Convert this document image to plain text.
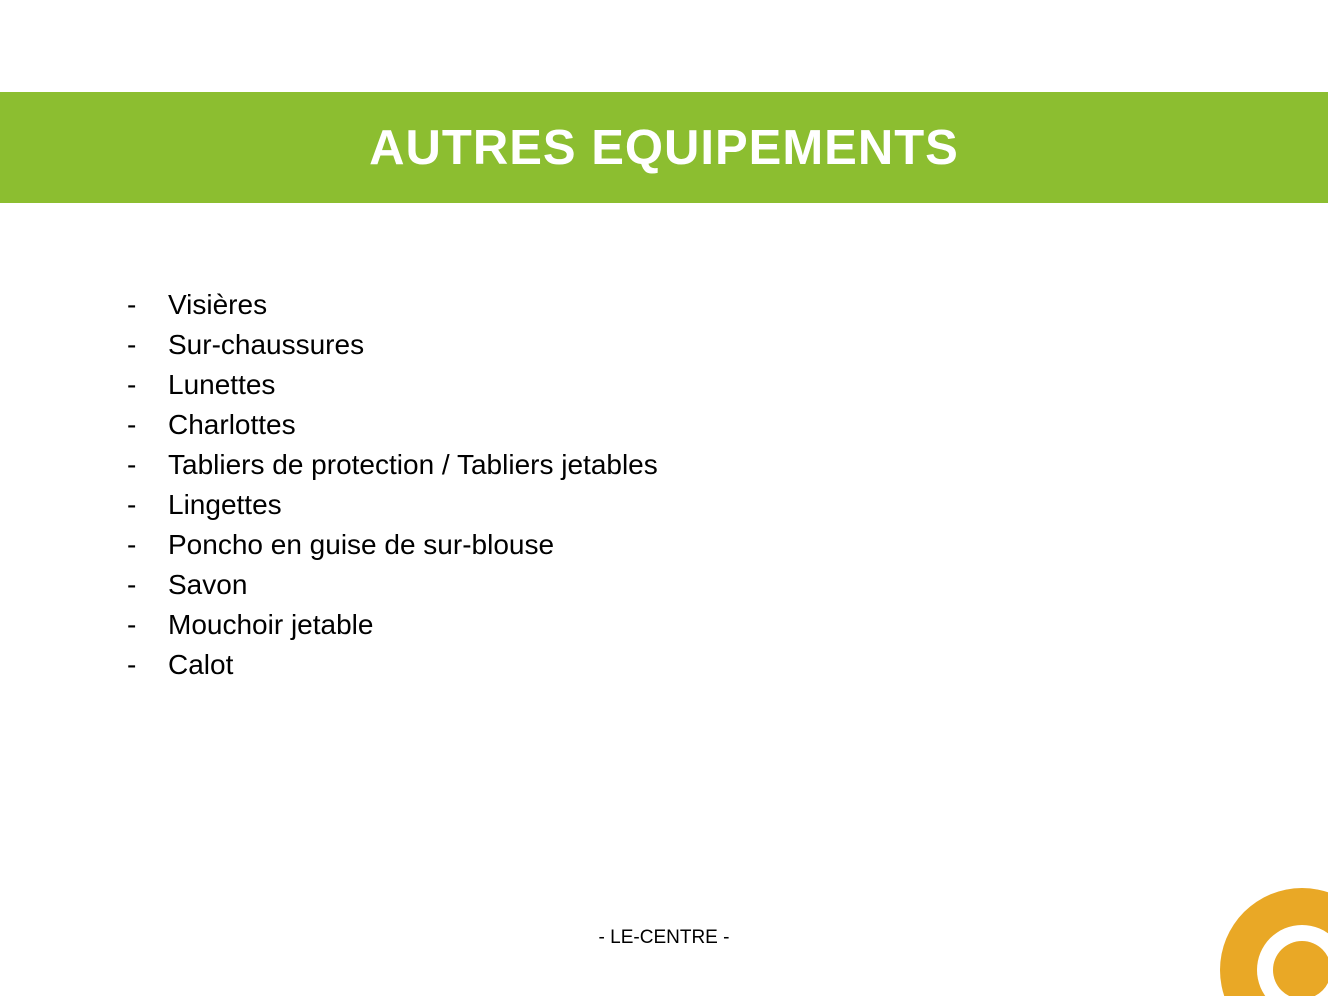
AUTRES EQUIPEMENTS
-	Visières
-	Sur-chaussures
-	Lunettes
-	Charlottes
-	Tabliers de protection / Tabliers jetables
-	Lingettes
-	Poncho en guise de sur-blouse
-	Savon
-	Mouchoir jetable
-	Calot
- LE-CENTRE -
